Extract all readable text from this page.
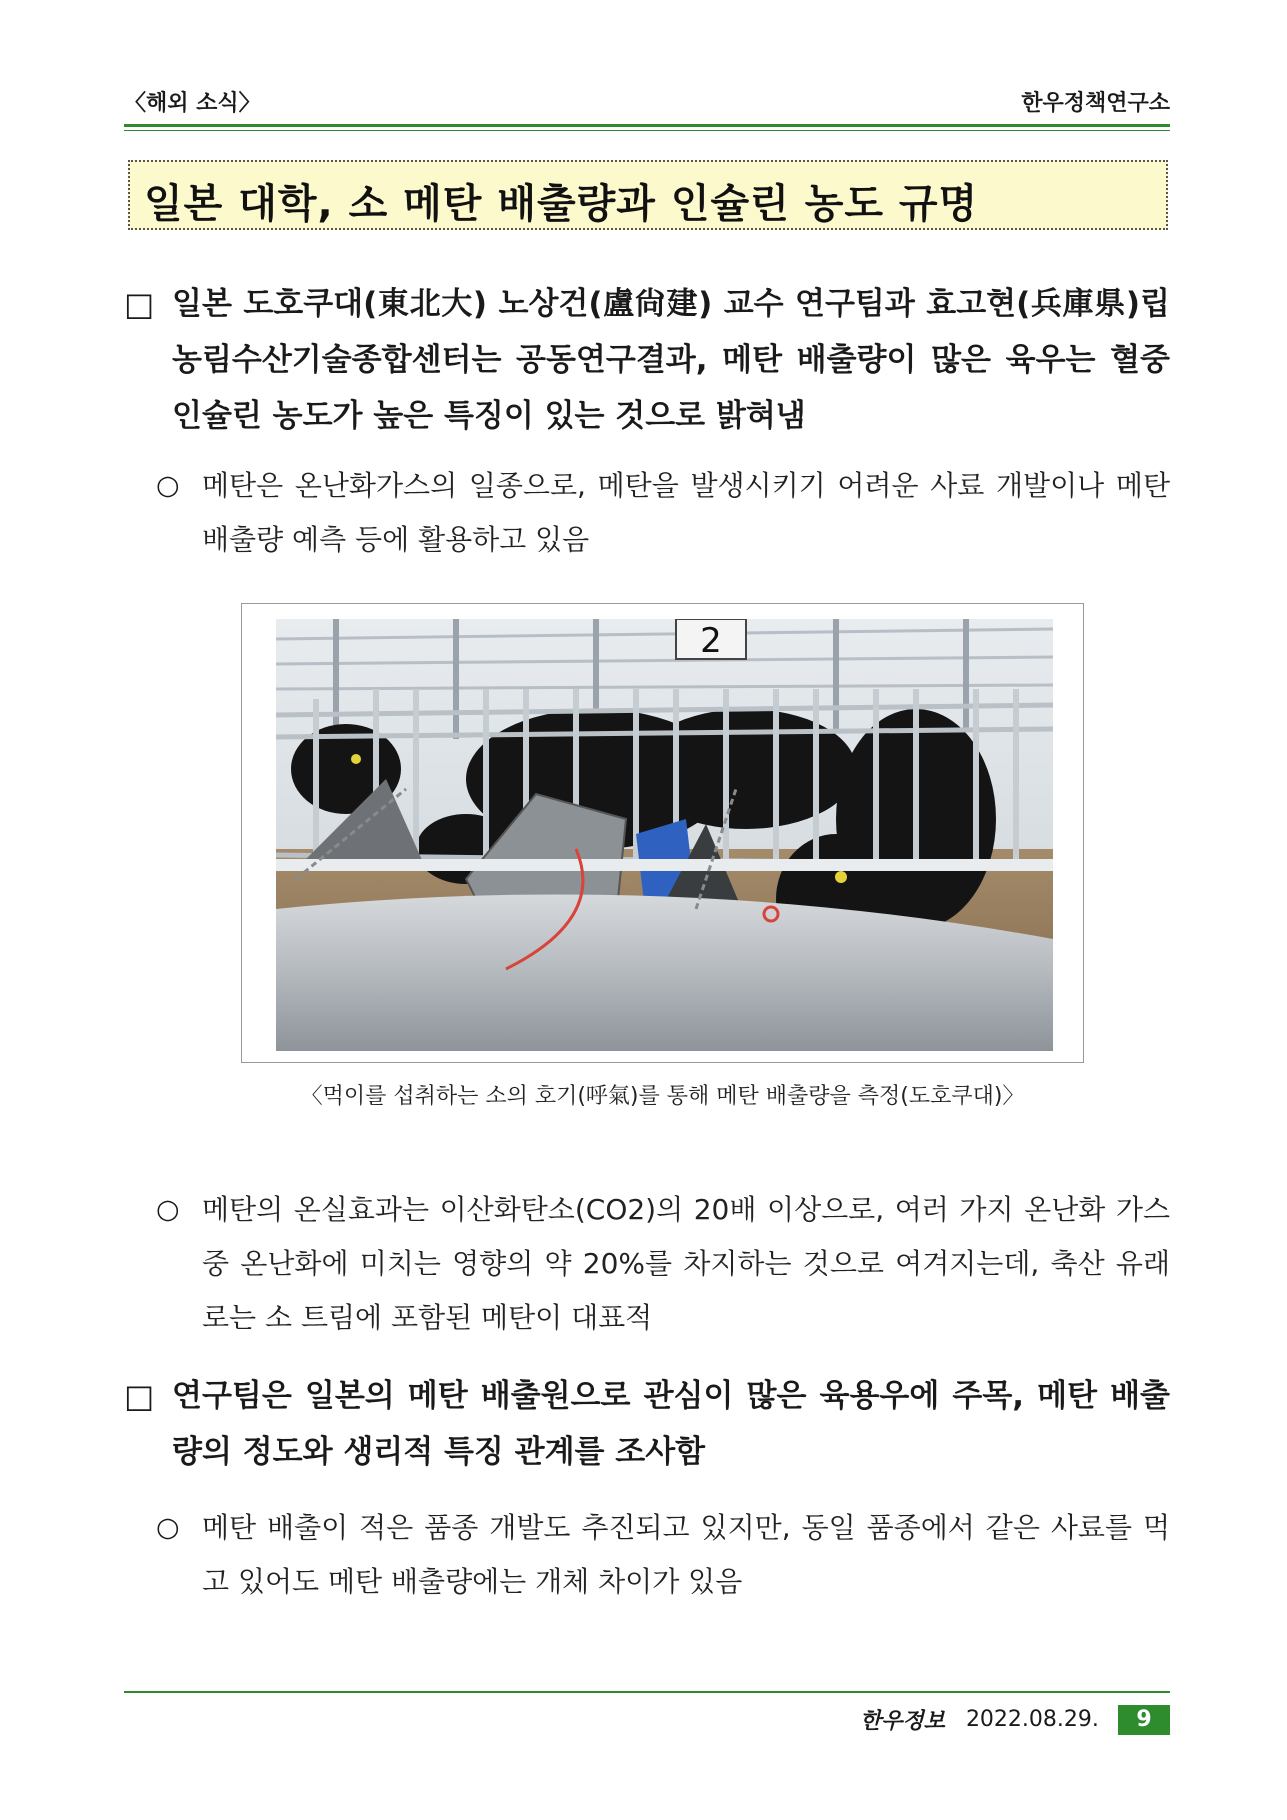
〈해외 소식〉	한우정책연구소
일본 대학, 소 메탄 배출량과 인슐린 농도 규명
□ 일본 도호쿠대(東北大) 노상건(盧尙建) 교수 연구팀과 효고현(兵庫県)립 농림수산기술종합센터는 공동연구결과, 메탄 배출량이 많은 육우는 혈중 인슐린 농도가 높은 특징이 있는 것으로 밝혀냄
○ 메탄은 온난화가스의 일종으로, 메탄을 발생시키기 어려운 사료 개발이나 메탄 배출량 예측 등에 활용하고 있음
2
〈먹이를 섭취하는 소의 호기(呼氣)를 통해 메탄 배출량을 측정(도호쿠대)〉
○ 메탄의 온실효과는 이산화탄소(CO2)의 20배 이상으로, 여러 가지 온난화 가스 중 온난화에 미치는 영향의 약 20%를 차지하는 것으로 여겨지는데, 축산 유래로는 소 트림에 포함된 메탄이 대표적
□ 연구팀은 일본의 메탄 배출원으로 관심이 많은 육용우에 주목, 메탄 배출량의 정도와 생리적 특징 관계를 조사함
○ 메탄 배출이 적은 품종 개발도 추진되고 있지만, 동일 품종에서 같은 사료를 먹고 있어도 메탄 배출량에는 개체 차이가 있음
한우정보 2022.08.29. 9
